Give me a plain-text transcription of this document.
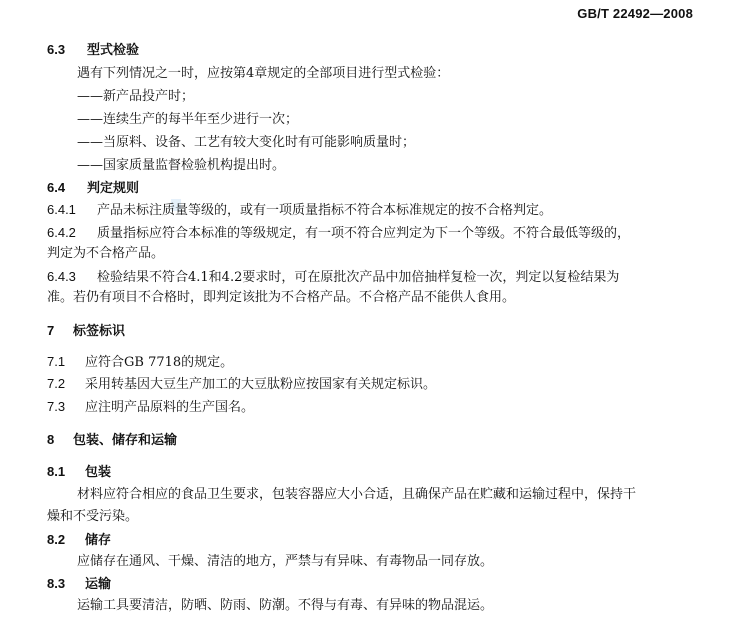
GB/T 22492—2008
6.3 型式检验
遇有下列情况之一时，应按第4章规定的全部项目进行型式检验：
——新产品投产时；
——连续生产的每半年至少进行一次；
——当原料、设备、工艺有较大变化时有可能影响质量时；
——国家质量监督检验机构提出时。
6.4 判定规则
6.4.1 产品未标注质量等级的，或有一项质量指标不符合本标准规定的按不合格判定。
6.4.2 质量指标应符合本标准的等级规定，有一项不符合应判定为下一个等级。不符合最低等级的，
判定为不合格产品。
6.4.3 检验结果不符合4.1和4.2要求时，可在原批次产品中加倍抽样复检一次，判定以复检结果为
准。若仍有项目不合格时，即判定该批为不合格产品。不合格产品不能供人食用。
7 标签标识
7.1 应符合GB 7718的规定。
7.2 采用转基因大豆生产加工的大豆肽粉应按国家有关规定标识。
7.3 应注明产品原料的生产国名。
8 包装、储存和运输
8.1 包装
材料应符合相应的食品卫生要求，包装容器应大小合适，且确保产品在贮藏和运输过程中，保持干
燥和不受污染。
8.2 储存
应储存在通风、干燥、清洁的地方，严禁与有异味、有毒物品一同存放。
8.3 运输
运输工具要清洁，防晒、防雨、防潮。不得与有毒、有异味的物品混运。
